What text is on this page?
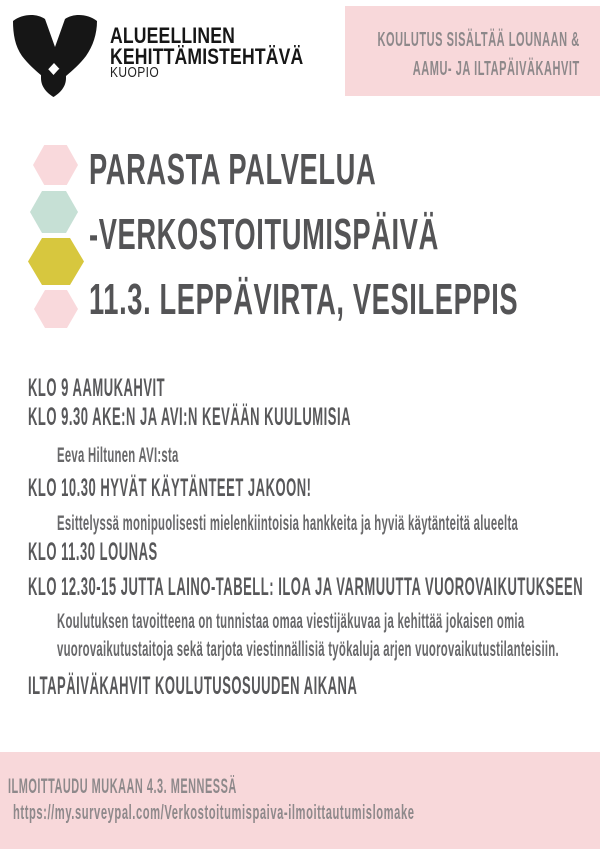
ALUEELLINEN
KEHITTÄMISTEHTÄVÄ
KUOPIO
KOULUTUS SISÄLTÄÄ LOUNAAN &
AAMU- JA ILTAPÄIVÄKAHVIT
PARASTA PALVELUA
-VERKOSTOITUMISPÄIVÄ
11.3. LEPPÄVIRTA, VESILEPPIS
KLO 9 AAMUKAHVIT
KLO 9.30 AKE:N JA AVI:N KEVÄÄN KUULUMISIA
Eeva Hiltunen AVI:sta
KLO 10.30 HYVÄT KÄYTÄNTEET JAKOON!
Esittelyssä monipuolisesti mielenkiintoisia hankkeita ja hyviä käytänteitä alueelta
KLO 11.30 LOUNAS
KLO 12.30-15 JUTTA LAINO-TABELL: ILOA JA VARMUUTTA VUOROVAIKUTUKSEEN
Koulutuksen tavoitteena on tunnistaa omaa viestijäkuvaa ja kehittää jokaisen omia
vuorovaikutustaitoja sekä tarjota viestinnällisiä työkaluja arjen vuorovaikutustilanteisiin.
ILTAPÄIVÄKAHVIT KOULUTUSOSUUDEN AIKANA
ILMOITTAUDU MUKAAN 4.3. MENNESSÄ
https://my.surveypal.com/Verkostoitumispaiva-ilmoittautumislomake
